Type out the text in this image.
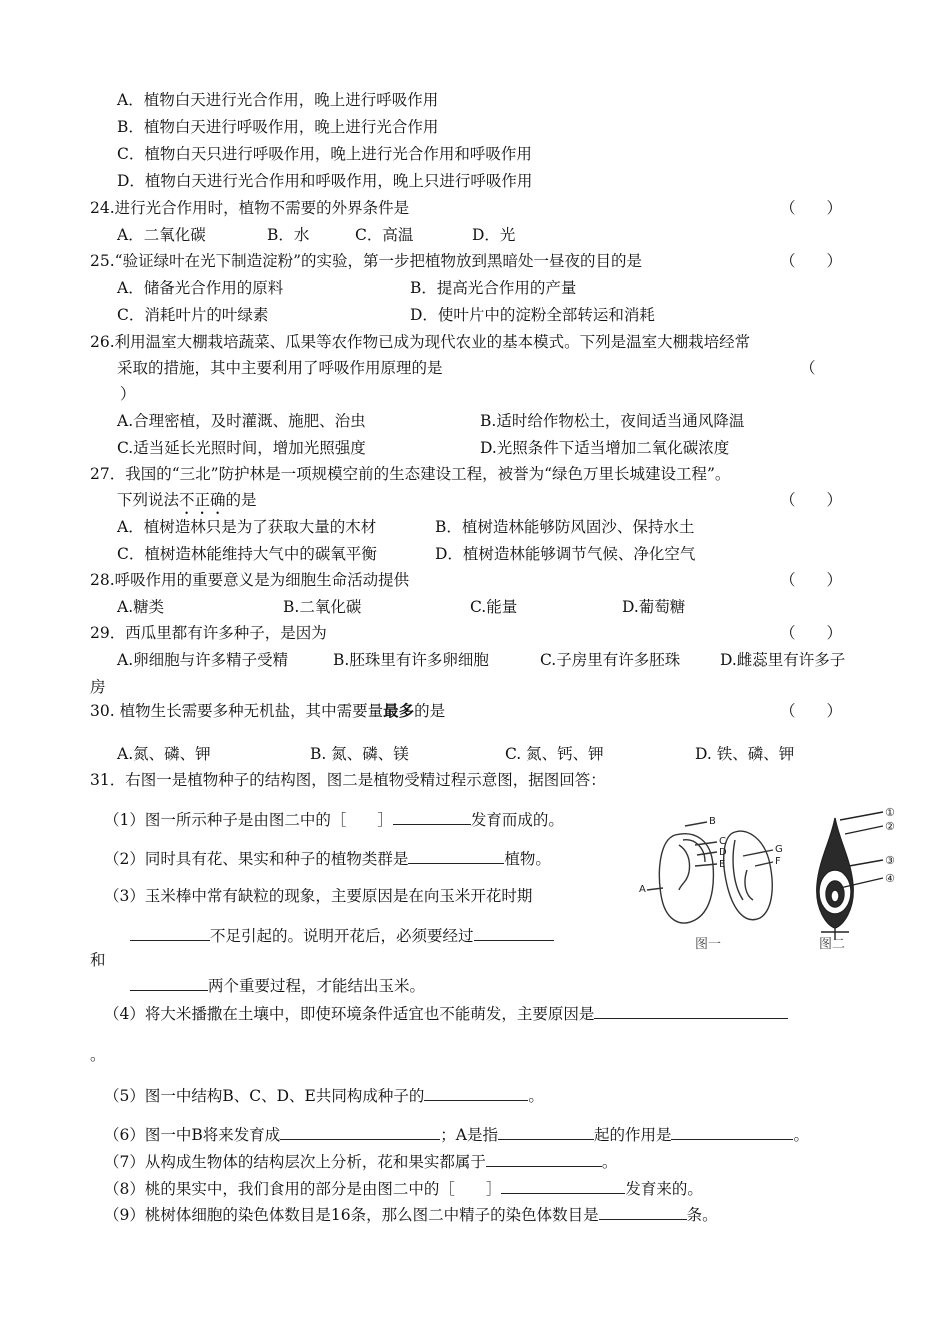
A．植物白天进行光合作用，晚上进行呼吸作用
B．植物白天进行呼吸作用，晚上进行光合作用
C．植物白天只进行呼吸作用，晚上进行光合作用和呼吸作用
D．植物白天进行光合作用和呼吸作用，晚上只进行呼吸作用
24.进行光合作用时，植物不需要的外界条件是	（　　）
A．二氧化碳	B．水	C．高温	D．光
25.“验证绿叶在光下制造淀粉”的实验，第一步把植物放到黑暗处一昼夜的目的是	（　　）
A．储备光合作用的原料	B．提高光合作用的产量
C．消耗叶片的叶绿素	D．使叶片中的淀粉全部转运和消耗
26.利用温室大棚栽培蔬菜、瓜果等农作物已成为现代农业的基本模式。下列是温室大棚栽培经常
采取的措施，其中主要利用了呼吸作用原理的是	（
）
A.合理密植，及时灌溉、施肥、治虫	B.适时给作物松土，夜间适当通风降温
C.适当延长光照时间，增加光照强度	D.光照条件下适当增加二氧化碳浓度
27．我国的“三北”防护林是一项规模空前的生态建设工程，被誉为“绿色万里长城建设工程”。
下列说法不正确的是	（　　）
A．植树造林只是为了获取大量的木材	B．植树造林能够防风固沙、保持水土
C．植树造林能维持大气中的碳氧平衡	D．植树造林能够调节气候、净化空气
28.呼吸作用的重要意义是为细胞生命活动提供	（　　）
A.糖类	B.二氧化碳	C.能量	D.葡萄糖
29．西瓜里都有许多种子，是因为	（　　）
A.卵细胞与许多精子受精	B.胚珠里有许多卵细胞	C.子房里有许多胚珠	D.雌蕊里有许多子
房
30. 植物生长需要多种无机盐，其中需要量最多的是	（　　）
A.氮、磷、钾	B. 氮、磷、镁	C. 氮、钙、钾	D. 铁、磷、钾
31．右图一是植物种子的结构图，图二是植物受精过程示意图，据图回答：
（1）图一所示种子是由图二中的［　　］	发育而成的。
（2）同时具有花、果实和种子的植物类群是	植物。
（3）玉米棒中常有缺粒的现象，主要原因是在向玉米开花时期
不足引起的。说明开花后，必须要经过
和
两个重要过程，才能结出玉米。
（4）将大米播撒在土壤中，即使环境条件适宜也不能萌发，主要原因是
。
（5）图一中结构B、C、D、E共同构成种子的	。
（6）图一中B将来发育成	；A是指	起的作用是	。
（7）从构成生物体的结构层次上分析，花和果实都属于	。
（8）桃的果实中，我们食用的部分是由图二中的［　　］	发育来的。
（9）桃树体细胞的染色体数目是16条，那么图二中精子的染色体数目是	条。
A
B
C
D
E
G
F
图一
①
②
③
④
图二
